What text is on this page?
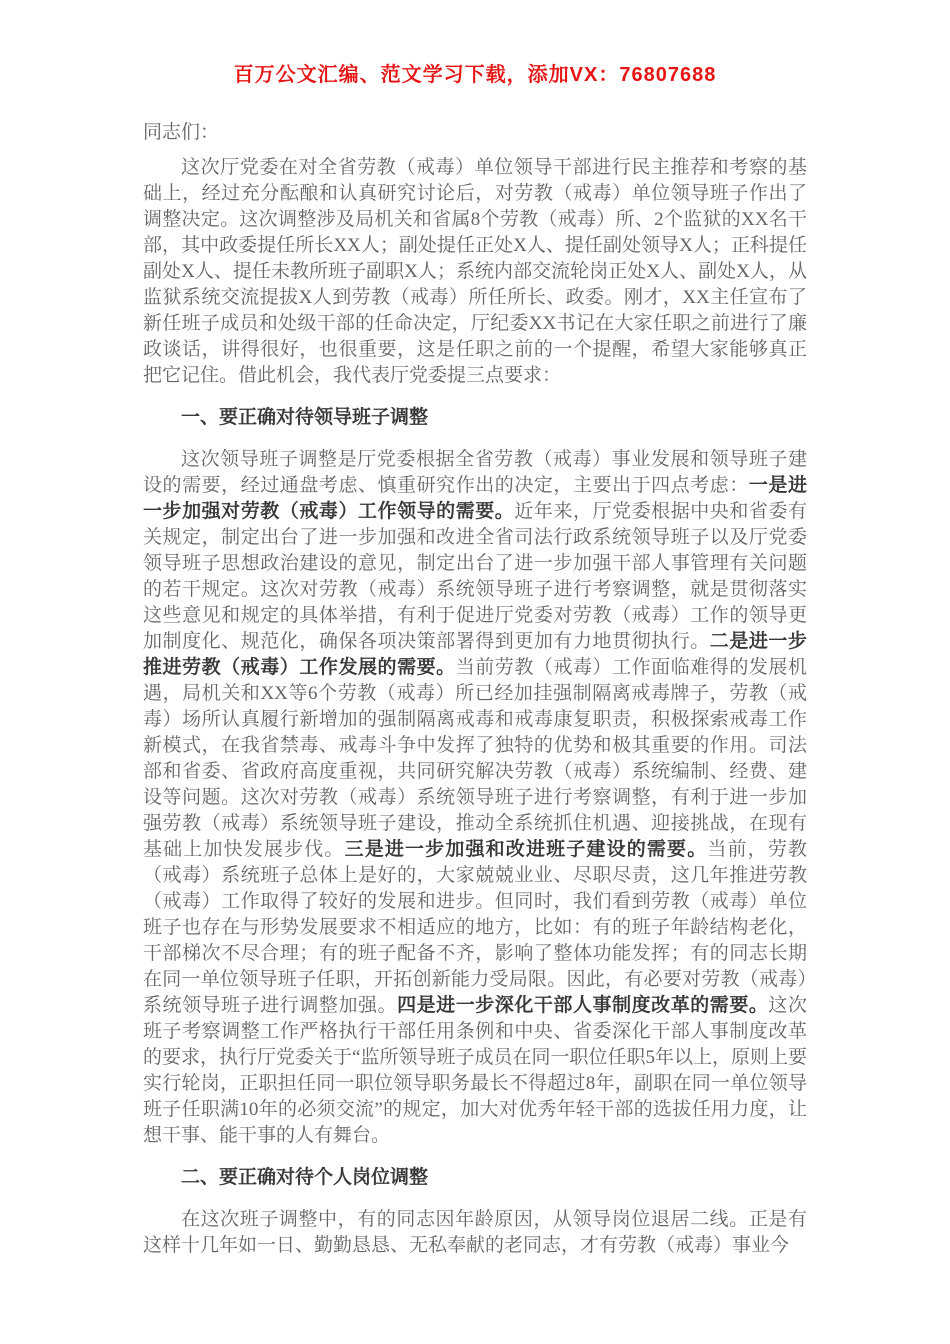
百万公文汇编、范文学习下载，添加VX：76807688

同志们：

这次厅党委在对全省劳教（戒毒）单位领导干部进行民主推荐和考察的基础上，经过充分酝酿和认真研究讨论后，对劳教（戒毒）单位领导班子作出了调整决定。这次调整涉及局机关和省属8个劳教（戒毒）所、2个监狱的XX名干部，其中政委提任所长XX人；副处提任正处X人、提任副处领导X人；正科提任副处X人、提任未教所班子副职X人；系统内部交流轮岗正处X人、副处X人，从监狱系统交流提拔X人到劳教（戒毒）所任所长、政委。刚才，XX主任宣布了新任班子成员和处级干部的任命决定，厅纪委XX书记在大家任职之前进行了廉政谈话，讲得很好，也很重要，这是任职之前的一个提醒，希望大家能够真正把它记住。借此机会，我代表厅党委提三点要求：

一、要正确对待领导班子调整

这次领导班子调整是厅党委根据全省劳教（戒毒）事业发展和领导班子建设的需要，经过通盘考虑、慎重研究作出的决定，主要出于四点考虑：一是进一步加强对劳教（戒毒）工作领导的需要。近年来，厅党委根据中央和省委有关规定，制定出台了进一步加强和改进全省司法行政系统领导班子以及厅党委领导班子思想政治建设的意见，制定出台了进一步加强干部人事管理有关问题的若干规定。这次对劳教（戒毒）系统领导班子进行考察调整，就是贯彻落实这些意见和规定的具体举措，有利于促进厅党委对劳教（戒毒）工作的领导更加制度化、规范化，确保各项决策部署得到更加有力地贯彻执行。二是进一步推进劳教（戒毒）工作发展的需要。当前劳教（戒毒）工作面临难得的发展机遇，局机关和XX等6个劳教（戒毒）所已经加挂强制隔离戒毒牌子，劳教（戒毒）场所认真履行新增加的强制隔离戒毒和戒毒康复职责，积极探索戒毒工作新模式，在我省禁毒、戒毒斗争中发挥了独特的优势和极其重要的作用。司法部和省委、省政府高度重视，共同研究解决劳教（戒毒）系统编制、经费、建设等问题。这次对劳教（戒毒）系统领导班子进行考察调整，有利于进一步加强劳教（戒毒）系统领导班子建设，推动全系统抓住机遇、迎接挑战，在现有基础上加快发展步伐。三是进一步加强和改进班子建设的需要。当前，劳教（戒毒）系统班子总体上是好的，大家兢兢业业、尽职尽责，这几年推进劳教（戒毒）工作取得了较好的发展和进步。但同时，我们看到劳教（戒毒）单位班子也存在与形势发展要求不相适应的地方，比如：有的班子年龄结构老化，干部梯次不尽合理；有的班子配备不齐，影响了整体功能发挥；有的同志长期在同一单位领导班子任职，开拓创新能力受局限。因此，有必要对劳教（戒毒）系统领导班子进行调整加强。四是进一步深化干部人事制度改革的需要。这次班子考察调整工作严格执行干部任用条例和中央、省委深化干部人事制度改革的要求，执行厅党委关于“监所领导班子成员在同一职位任职5年以上，原则上要实行轮岗，正职担任同一职位领导职务最长不得超过8年，副职在同一单位领导班子任职满10年的必须交流”的规定，加大对优秀年轻干部的选拔任用力度，让想干事、能干事的人有舞台。

二、要正确对待个人岗位调整

在这次班子调整中，有的同志因年龄原因，从领导岗位退居二线。正是有这样十几年如一日、勤勤恳恳、无私奉献的老同志，才有劳教（戒毒）事业今
